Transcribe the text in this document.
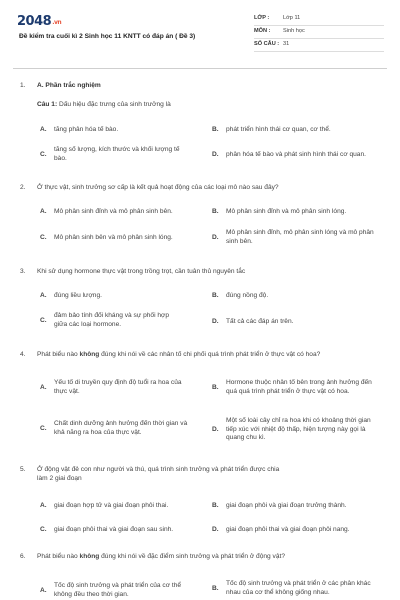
2048.vn
Đề kiểm tra cuối kì 2 Sinh học 11 KNTT có đáp án ( Đề 3)
LỚP :	Lớp 11
MÔN :	Sinh học
SỐ CÂU : 31
1. A. Phần trắc nghiệm
Câu 1: Dấu hiệu đặc trưng của sinh trưởng là
A.	tăng phân hóa tế bào.	B.	phát triển hình thái cơ quan, cơ thể.
C.
tăng số lượng, kích thước và khối lượng tế bào.
D.	phân hóa tế bào và phát sinh hình thái cơ quan.
2. Ở thực vật, sinh trưởng sơ cấp là kết quả hoạt động của các loại mô nào sau đây?
A.	Mô phân sinh đỉnh và mô phân sinh bên.	B.	Mô phân sinh đỉnh và mô phân sinh lóng.
C.	Mô phân sinh bên và mô phân sinh lóng.	D.
Mô phân sinh đỉnh, mô phân sinh lóng và mô phân sinh bên.
3. Khi sử dụng hormone thực vật trong trồng trọt, cần tuân thủ nguyên tắc
A.	đúng liều lượng.	B.	đúng nồng độ.
C.
đảm bảo tính đối kháng và sự phối hợp giữa các loại hormone.	D.	Tất cả các đáp án trên.
4. Phát biểu nào không đúng khi nói về các nhân tố chi phối quá trình phát triển ở thực vật có hoa?
A.
Yếu tố di truyền quy định độ tuổi ra hoa của thực vật.
B.
Hormone thuộc nhân tố bên trong ảnh hưởng đến quá quá trình phát triển ở thực vật có hoa.
C.
Chất dinh dưỡng ảnh hưởng đến thời gian và khả năng ra hoa của thực vật.	D.
Một số loài cây chỉ ra hoa khi có khoảng thời gian tiếp xúc với nhiệt độ thấp, hiện tượng này gọi là quang chu kì.
5. Ở động vật đẻ con như người và thú, quá trình sinh trưởng và phát triển được chia làm 2 giai đoạn
A.	giai đoạn hợp tử và giai đoạn phôi thai.	B.	giai đoạn phôi và giai đoạn trưởng thành.
C.	giai đoạn phôi thai và giai đoạn sau sinh.	D.	giai đoạn phôi thai và giai đoạn phôi nang.
6. Phát biểu nào không đúng khi nói về đặc điểm sinh trưởng và phát triển ở động vật?
A.
Tốc độ sinh trưởng và phát triển của cơ thể không đều theo thời gian.
B.
Tốc độ sinh trưởng và phát triển ở các phân khác nhau của cơ thể không giống nhau.
